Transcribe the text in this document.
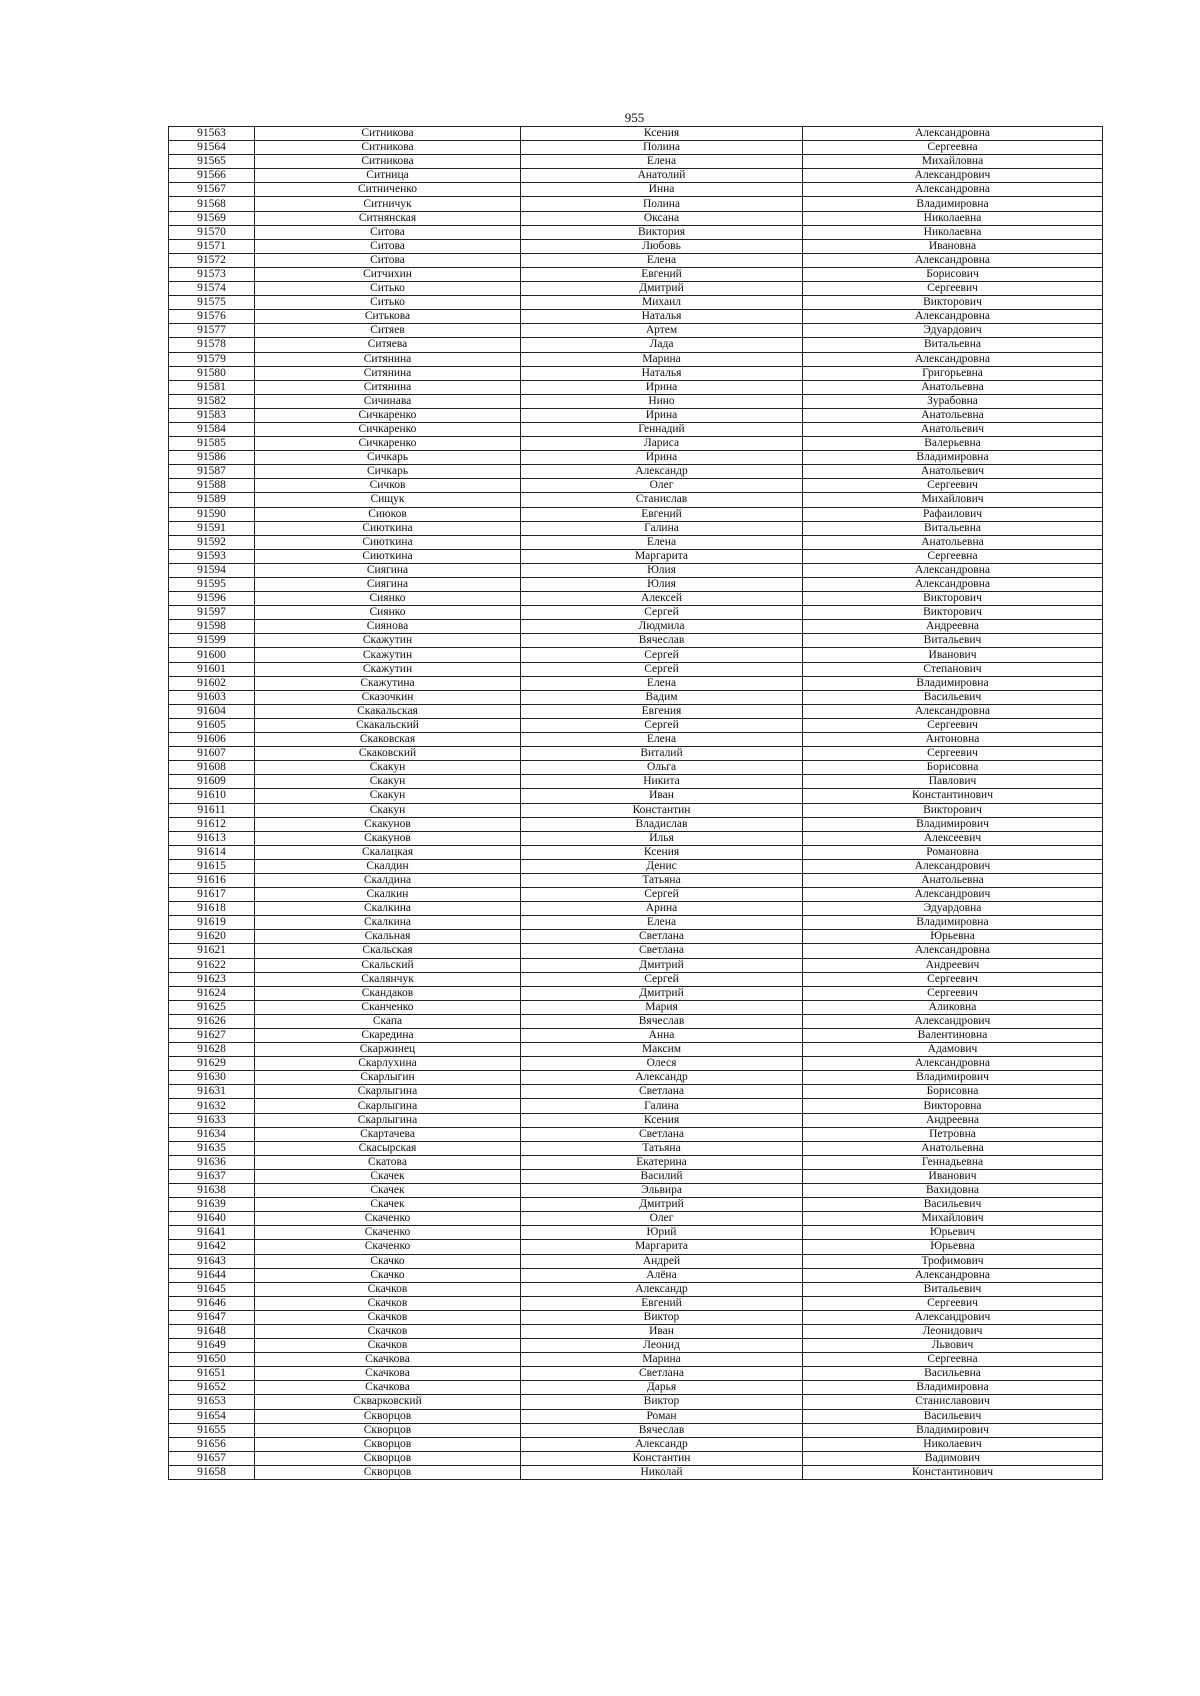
955
91563	Ситникова	Ксения	Александровна
91564	Ситникова	Полина	Сергеевна
91565	Ситникова	Елена	Михайловна
91566	Ситница	Анатолий	Александрович
91567	Ситниченко	Инна	Александровна
91568	Ситничук	Полина	Владимировна
91569	Ситнянская	Оксана	Николаевна
91570	Ситова	Виктория	Николаевна
91571	Ситова	Любовь	Ивановна
91572	Ситова	Елена	Александровна
91573	Ситчихин	Евгений	Борисович
91574	Ситько	Дмитрий	Сергеевич
91575	Ситько	Михаил	Викторович
91576	Ситькова	Наталья	Александровна
91577	Ситяев	Артем	Эдуардович
91578	Ситяева	Лада	Витальевна
91579	Ситянина	Марина	Александровна
91580	Ситянина	Наталья	Григорьевна
91581	Ситянина	Ирина	Анатольевна
91582	Сичинава	Нино	Зурабовна
91583	Сичкаренко	Ирина	Анатольевна
91584	Сичкаренко	Геннадий	Анатольевич
91585	Сичкаренко	Лариса	Валерьевна
91586	Сичкарь	Ирина	Владимировна
91587	Сичкарь	Александр	Анатольевич
91588	Сичков	Олег	Сергеевич
91589	Сищук	Станислав	Михайлович
91590	Сиюков	Евгений	Рафаилович
91591	Сиюткина	Галина	Витальевна
91592	Сиюткина	Елена	Анатольевна
91593	Сиюткина	Маргарита	Сергеевна
91594	Сиягина	Юлия	Александровна
91595	Сиягина	Юлия	Александровна
91596	Сиянко	Алексей	Викторович
91597	Сиянко	Сергей	Викторович
91598	Сиянова	Людмила	Андреевна
91599	Скажутин	Вячеслав	Витальевич
91600	Скажутин	Сергей	Иванович
91601	Скажутин	Сергей	Степанович
91602	Скажутина	Елена	Владимировна
91603	Сказочкин	Вадим	Васильевич
91604	Скакальская	Евгения	Александровна
91605	Скакальский	Сергей	Сергеевич
91606	Скаковская	Елена	Антоновна
91607	Скаковский	Виталий	Сергеевич
91608	Скакун	Ольга	Борисовна
91609	Скакун	Никита	Павлович
91610	Скакун	Иван	Константинович
91611	Скакун	Константин	Викторович
91612	Скакунов	Владислав	Владимирович
91613	Скакунов	Илья	Алексеевич
91614	Скалацкая	Ксения	Романовна
91615	Скалдин	Денис	Александрович
91616	Скалдина	Татьяна	Анатольевна
91617	Скалкин	Сергей	Александрович
91618	Скалкина	Арина	Эдуардовна
91619	Скалкина	Елена	Владимировна
91620	Скальная	Светлана	Юрьевна
91621	Скальская	Светлана	Александровна
91622	Скальский	Дмитрий	Андреевич
91623	Скалянчук	Сергей	Сергеевич
91624	Скандаков	Дмитрий	Сергеевич
91625	Сканченко	Мария	Аликовна
91626	Скапа	Вячеслав	Александрович
91627	Скаредина	Анна	Валентиновна
91628	Скаржинец	Максим	Адамович
91629	Скарлухина	Олеся	Александровна
91630	Скарлыгин	Александр	Владимирович
91631	Скарлыгина	Светлана	Борисовна
91632	Скарлыгина	Галина	Викторовна
91633	Скарлыгина	Ксения	Андреевна
91634	Скартачева	Светлана	Петровна
91635	Скасырская	Татьяна	Анатольевна
91636	Скатова	Екатерина	Геннадьевна
91637	Скачек	Василий	Иванович
91638	Скачек	Эльвира	Вахидовна
91639	Скачек	Дмитрий	Васильевич
91640	Скаченко	Олег	Михайлович
91641	Скаченко	Юрий	Юрьевич
91642	Скаченко	Маргарита	Юрьевна
91643	Скачко	Андрей	Трофимович
91644	Скачко	Алёна	Александровна
91645	Скачков	Александр	Витальевич
91646	Скачков	Евгений	Сергеевич
91647	Скачков	Виктор	Александрович
91648	Скачков	Иван	Леонидович
91649	Скачков	Леонид	Львович
91650	Скачкова	Марина	Сергеевна
91651	Скачкова	Светлана	Васильевна
91652	Скачкова	Дарья	Владимировна
91653	Скварковский	Виктор	Станиславович
91654	Скворцов	Роман	Васильевич
91655	Скворцов	Вячеслав	Владимирович
91656	Скворцов	Александр	Николаевич
91657	Скворцов	Константин	Вадимович
91658	Скворцов	Николай	Константинович
